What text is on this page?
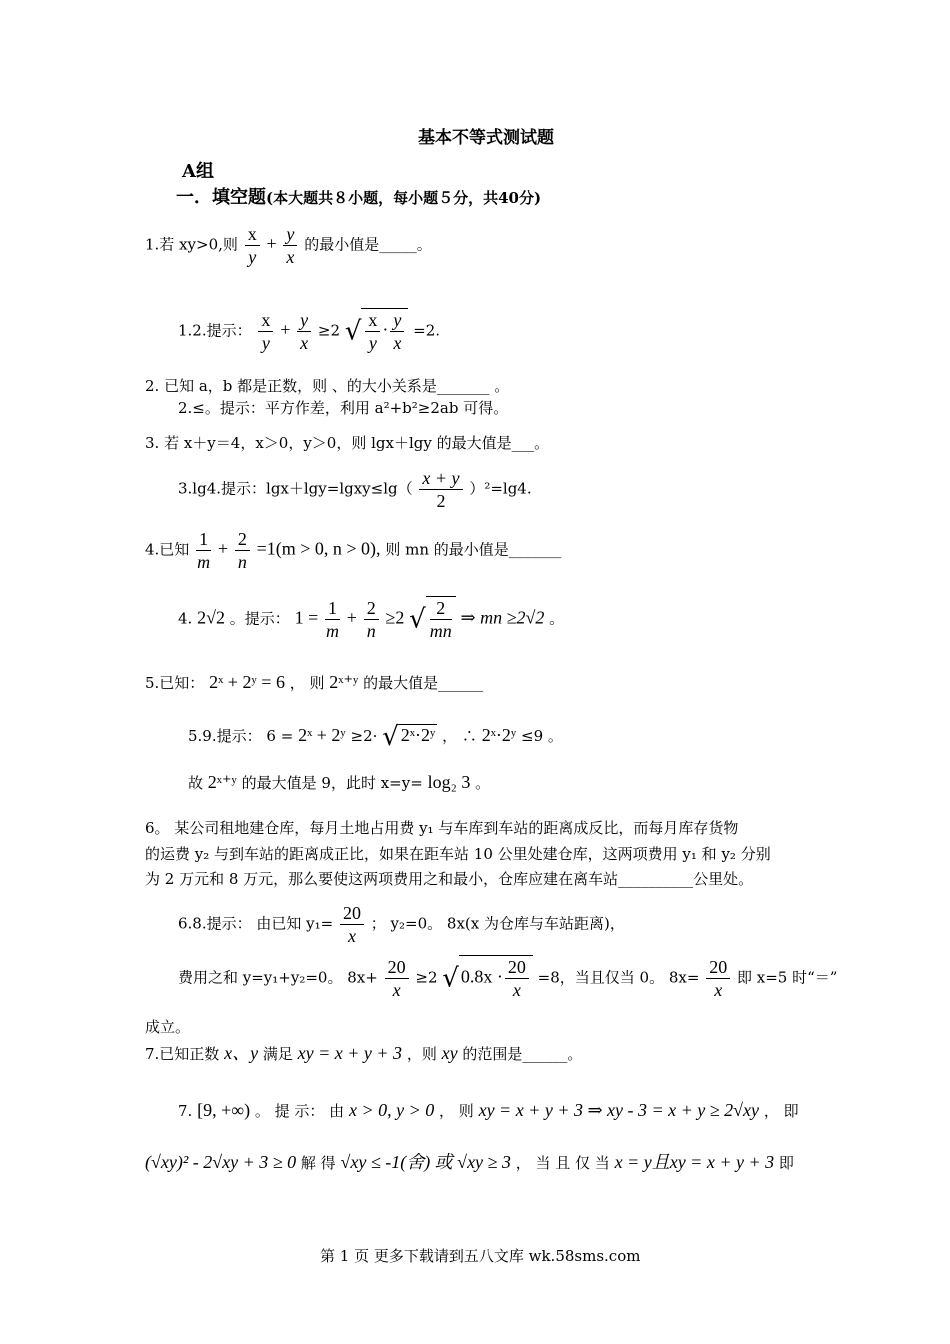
基本不等式测试题
A组
一．填空题(本大题共８小题，每小题５分，共40分)
1.若 xy>0,则 $\frac{x}{y} + \frac{y}{x}$ 的最小值是_____。
1.2.提示： $\frac{x}{y} + \frac{y}{x} \ge 2$ √ $\frac{x}{y} \cdot \frac{y}{x} =2$.
2. 已知 a，b 都是正数，则 、的大小关系是_______ 。
2.≤。提示：平方作差，利用 a²+b²≥2ab 可得。
3. 若 x＋y＝4，x＞0，y＞0，则 lgx＋lgy 的最大值是___。
3.lg4.提示：lgx＋lgy=lgxy≤lg（ $\frac{x + y}{2} )^2=\lg 4$.
4.已知 $\frac{1}{m} + \frac{2}{n} =1(m > 0$, n > 0), 则 mn 的最小值是_______
4. 2√2 。提示： $1 = \frac{1}{m} + \frac{2}{n} \ge 2$ √ $\frac{2}{mn}$ ⇒ mn ≥2√2 。
5.已知： 2ˣ + 2ʸ = 6 ， 则 2ˣ⁺ʸ 的最大值是______
5.9.提示： 6 = 2ˣ + 2ʸ ≥2· √ 2ˣ·2ʸ ， ∴ 2ˣ·2ʸ ≤9 。
故 2ˣ⁺ʸ 的最大值是 9，此时 x=y= log₂ 3 。
6。 某公司租地建仓库，每月土地占用费 y₁ 与车库到车站的距离成反比，而每月库存货物
的运费 y₂ 与到车站的距离成正比，如果在距车站 10 公里处建仓库，这两项费用 y₁ 和 y₂ 分别
为 2 万元和 8 万元，那么要使这两项费用之和最小，仓库应建在离车站__________公里处。
6.8.提示： 由已知 $y_1= \frac{20}{x}$ ； y₂=0。 8x(x 为仓库与车站距离)，
费用之和 y=y₁+y₂=0。 $8x+ \frac{20}{x} \ge 2$ √ $0.8x \cdot \frac{20}{x} =8$，当且仅当 0。 $8x= \frac{20}{x}$ 即 x=5 时“＝”
成立。
7.已知正数 x、y 满足 xy = x + y + 3 ，则 xy 的范围是______。
7. [9, +∞) 。 提 示： 由 x > 0, y > 0 ， 则 xy = x + y + 3 ⇒ xy - 3 = x + y ≥ 2√xy ， 即
(√xy)² - 2√xy + 3 ≥ 0 解 得 √xy ≤ -1(舍) 或 √xy ≥ 3 ， 当 且 仅 当 x = y且xy = x + y + 3 即
第 1 页 更多下载请到五八文库 wk.58sms.com
